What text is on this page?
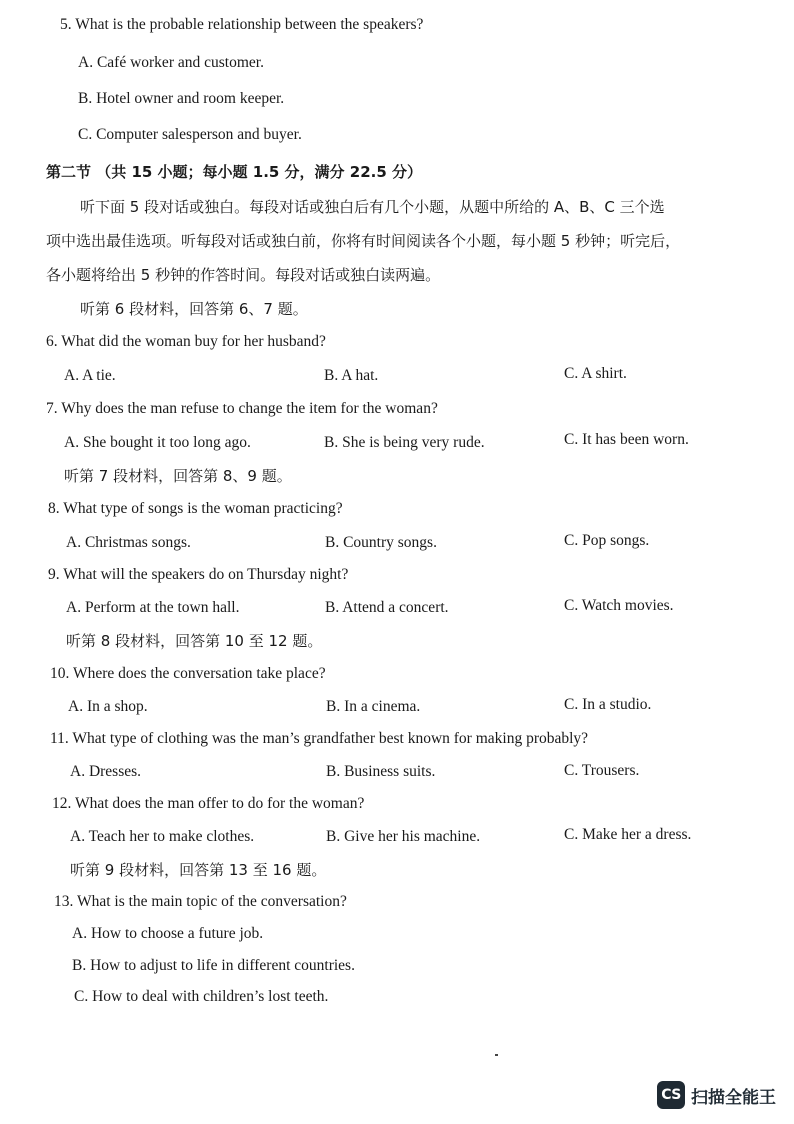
5. What is the probable relationship between the speakers?
A. Café worker and customer.
B. Hotel owner and room keeper.
C. Computer salesperson and buyer.
第二节 （共 15 小题；每小题 1.5 分，满分 22.5 分）
听下面 5 段对话或独白。每段对话或独白后有几个小题，从题中所给的 A、B、C 三个选
项中选出最佳选项。听每段对话或独白前，你将有时间阅读各个小题，每小题 5 秒钟；听完后，
各小题将给出 5 秒钟的作答时间。每段对话或独白读两遍。
听第 6 段材料，回答第 6、7 题。
6. What did the woman buy for her husband?
A. A tie.	B. A hat.	C. A shirt.
7. Why does the man refuse to change the item for the woman?
A. She bought it too long ago.	B. She is being very rude.	C. It has been worn.
听第 7 段材料，回答第 8、9 题。
8. What type of songs is the woman practicing?
A. Christmas songs.	B. Country songs.	C. Pop songs.
9. What will the speakers do on Thursday night?
A. Perform at the town hall.	B. Attend a concert.	C. Watch movies.
听第 8 段材料，回答第 10 至 12 题。
10. Where does the conversation take place?
A. In a shop.	B. In a cinema.	C. In a studio.
11. What type of clothing was the man’s grandfather best known for making probably?
A. Dresses.	B. Business suits.	C. Trousers.
12. What does the man offer to do for the woman?
A. Teach her to make clothes.	B. Give her his machine.	C. Make her a dress.
听第 9 段材料，回答第 13 至 16 题。
13. What is the main topic of the conversation?
A. How to choose a future job.
B. How to adjust to life in different countries.
C. How to deal with children’s lost teeth.
CS 扫描全能王
